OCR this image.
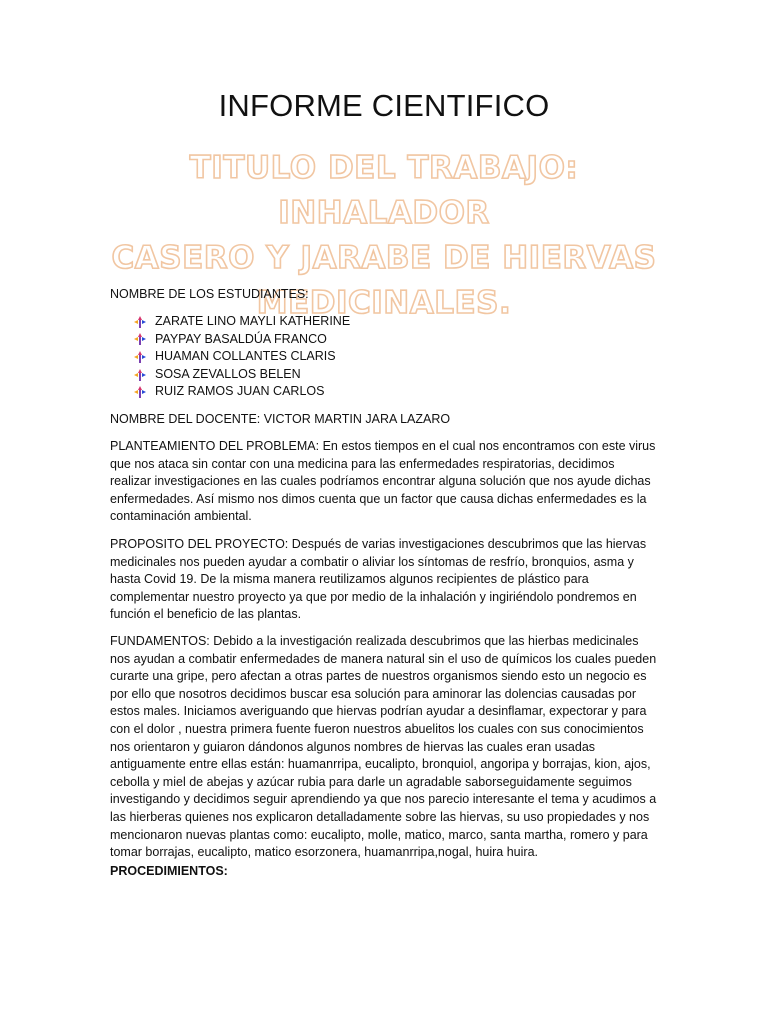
INFORME CIENTIFICO
TITULO DEL TRABAJO: INHALADOR
CASERO Y JARABE DE HIERVAS
MEDICINALES.
NOMBRE DE LOS ESTUDIANTES:
ZARATE LINO MAYLI KATHERINE
PAYPAY BASALDÚA FRANCO
HUAMAN COLLANTES CLARIS
SOSA ZEVALLOS BELEN
RUIZ RAMOS JUAN CARLOS
NOMBRE DEL DOCENTE: VICTOR MARTIN JARA LAZARO
PLANTEAMIENTO DEL PROBLEMA: En estos tiempos en el cual nos encontramos con este virus que nos ataca sin contar con una medicina para las enfermedades respiratorias, decidimos realizar investigaciones en las cuales podríamos encontrar alguna solución que nos ayude dichas enfermedades. Así mismo nos dimos cuenta que un factor que causa dichas enfermedades es la contaminación ambiental.
PROPOSITO DEL PROYECTO: Después de varias investigaciones descubrimos que las hiervas medicinales nos pueden ayudar a combatir o aliviar los síntomas de resfrío, bronquios, asma y hasta Covid 19. De la misma manera reutilizamos algunos recipientes de plástico para complementar nuestro proyecto ya que por medio de la inhalación y ingiriéndolo pondremos en función el beneficio de las plantas.
FUNDAMENTOS: Debido a la investigación realizada descubrimos que las hierbas medicinales nos ayudan a combatir enfermedades de manera natural sin el uso de químicos los cuales pueden curarte una gripe, pero afectan a otras partes de nuestros organismos siendo esto un negocio es por ello que nosotros decidimos buscar esa solución para aminorar las dolencias causadas por estos males. Iniciamos averiguando que hiervas podrían ayudar a desinflamar, expectorar y para con el dolor , nuestra primera fuente fueron nuestros abuelitos los cuales con sus conocimientos nos orientaron y guiaron dándonos algunos nombres de hiervas las cuales eran usadas antiguamente entre ellas están: huamanrripa, eucalipto, bronquiol, angoripa y borrajas, kion, ajos, cebolla y miel de abejas y azúcar rubia para darle un agradable saborseguidamente seguimos investigando y decidimos seguir aprendiendo ya que nos parecio interesante el tema y acudimos a las hierberas quienes nos explicaron detalladamente sobre las hiervas, su uso propiedades y nos mencionaron nuevas plantas como: eucalipto, molle, matico, marco, santa martha, romero y para tomar borrajas, eucalipto, matico esorzonera, huamanrripa,nogal, huira huira.
PROCEDIMIENTOS:
